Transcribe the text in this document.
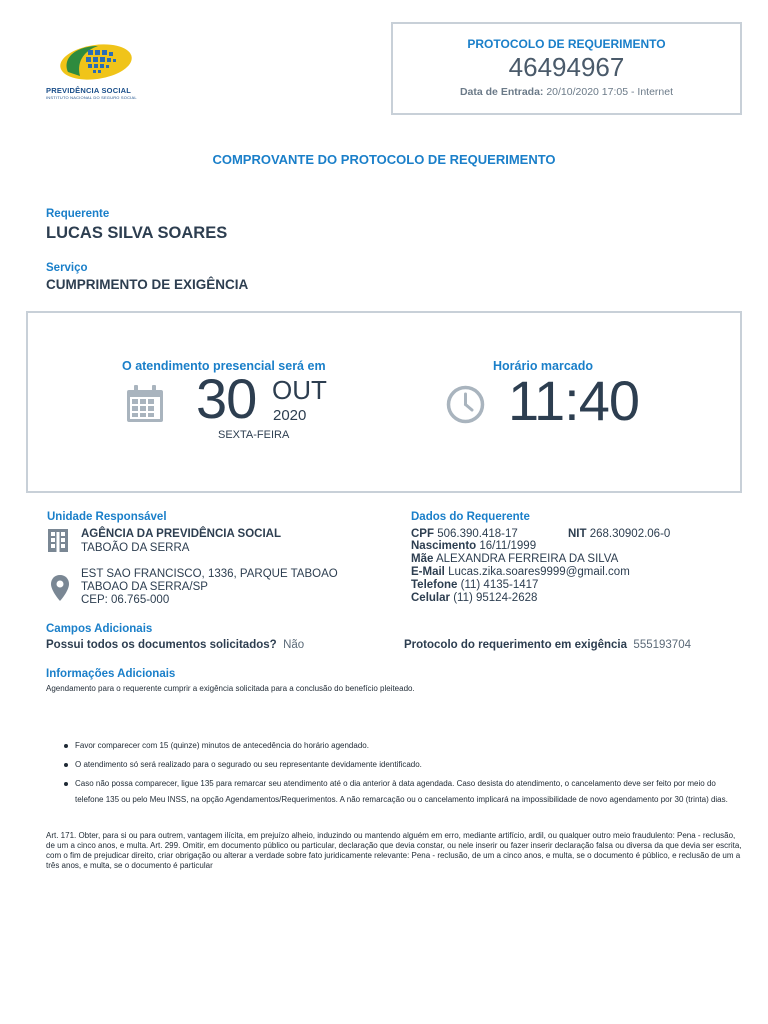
PREVIDÊNCIA SOCIAL
INSTITUTO NACIONAL DO SEGURO SOCIAL
PROTOCOLO DE REQUERIMENTO
46494967
Data de Entrada: 20/10/2020 17:05 - Internet
COMPROVANTE DO PROTOCOLO DE REQUERIMENTO
Requerente
LUCAS SILVA SOARES
Serviço
CUMPRIMENTO DE EXIGÊNCIA
O atendimento presencial será em	Horário marcado
30 OUT
2020
SEXTA-FEIRA
11:40
Unidade Responsável
AGÊNCIA DA PREVIDÊNCIA SOCIAL
TABOÃO DA SERRA
EST SAO FRANCISCO, 1336, PARQUE TABOAO
TABOAO DA SERRA/SP
CEP: 06.765-000
Dados do Requerente
CPF 506.390.418-17	NIT 268.30902.06-0
Nascimento 16/11/1999
Mãe ALEXANDRA FERREIRA DA SILVA
E-Mail Lucas.zika.soares9999@gmail.com
Telefone (11) 4135-1417
Celular (11) 95124-2628
Campos Adicionais
Possui todos os documentos solicitados? Não	Protocolo do requerimento em exigência 555193704
Informações Adicionais
Agendamento para o requerente cumprir a exigência solicitada para a conclusão do benefício pleiteado.
Favor comparecer com 15 (quinze) minutos de antecedência do horário agendado.
O atendimento só será realizado para o segurado ou seu representante devidamente identificado.
Caso não possa comparecer, ligue 135 para remarcar seu atendimento até o dia anterior à data agendada. Caso desista do atendimento, o cancelamento deve ser feito por meio do telefone 135 ou pelo Meu INSS, na opção Agendamentos/Requerimentos. A não remarcação ou o cancelamento implicará na impossibilidade de novo agendamento por 30 (trinta) dias.
Art. 171. Obter, para si ou para outrem, vantagem ilícita, em prejuízo alheio, induzindo ou mantendo alguém em erro, mediante artifício, ardil, ou qualquer outro meio fraudulento: Pena - reclusão, de um a cinco anos, e multa. Art. 299. Omitir, em documento público ou particular, declaração que devia constar, ou nele inserir ou fazer inserir declaração falsa ou diversa da que devia ser escrita, com o fim de prejudicar direito, criar obrigação ou alterar a verdade sobre fato juridicamente relevante: Pena - reclusão, de um a cinco anos, e multa, se o documento é público, e reclusão de um a três anos, e multa, se o documento é particular
